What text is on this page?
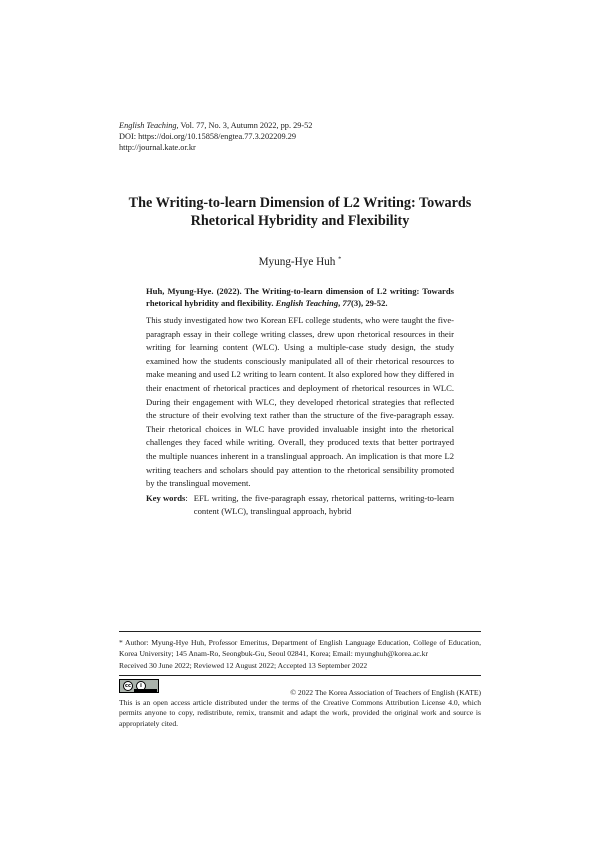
English Teaching, Vol. 77, No. 3, Autumn 2022, pp. 29-52
DOI: https://doi.org/10.15858/engtea.77.3.202209.29
http://journal.kate.or.kr
The Writing-to-learn Dimension of L2 Writing: Towards
Rhetorical Hybridity and Flexibility
Myung-Hye Huh *
Huh, Myung-Hye. (2022). The Writing-to-learn dimension of L2 writing: Towards rhetorical hybridity and flexibility. English Teaching, 77(3), 29-52.
This study investigated how two Korean EFL college students, who were taught the five-paragraph essay in their college writing classes, drew upon rhetorical resources in their writing for learning content (WLC). Using a multiple-case study design, the study examined how the students consciously manipulated all of their rhetorical resources to make meaning and used L2 writing to learn content. It also explored how they differed in their enactment of rhetorical practices and deployment of rhetorical resources in WLC. During their engagement with WLC, they developed rhetorical strategies that reflected the structure of their evolving text rather than the structure of the five-paragraph essay. Their rhetorical choices in WLC have provided invaluable insight into the rhetorical challenges they faced while writing. Overall, they produced texts that better portrayed the multiple nuances inherent in a translingual approach. An implication is that more L2 writing teachers and scholars should pay attention to the rhetorical sensibility promoted by the translingual movement.
Key words : EFL writing, the five-paragraph essay, rhetorical patterns, writing-to-learn content (WLC), translingual approach, hybrid
* Author: Myung-Hye Huh, Professor Emeritus, Department of English Language Education, College of Education, Korea University; 145 Anam-Ro, Seongbuk-Gu, Seoul 02841, Korea; Email: myunghuh@korea.ac.kr
Received 30 June 2022; Reviewed 12 August 2022; Accepted 13 September 2022
cc	i
© 2022 The Korea Association of Teachers of English (KATE)
This is an open access article distributed under the terms of the Creative Commons Attribution License 4.0, which permits anyone to copy, redistribute, remix, transmit and adapt the work, provided the original work and source is appropriately cited.
